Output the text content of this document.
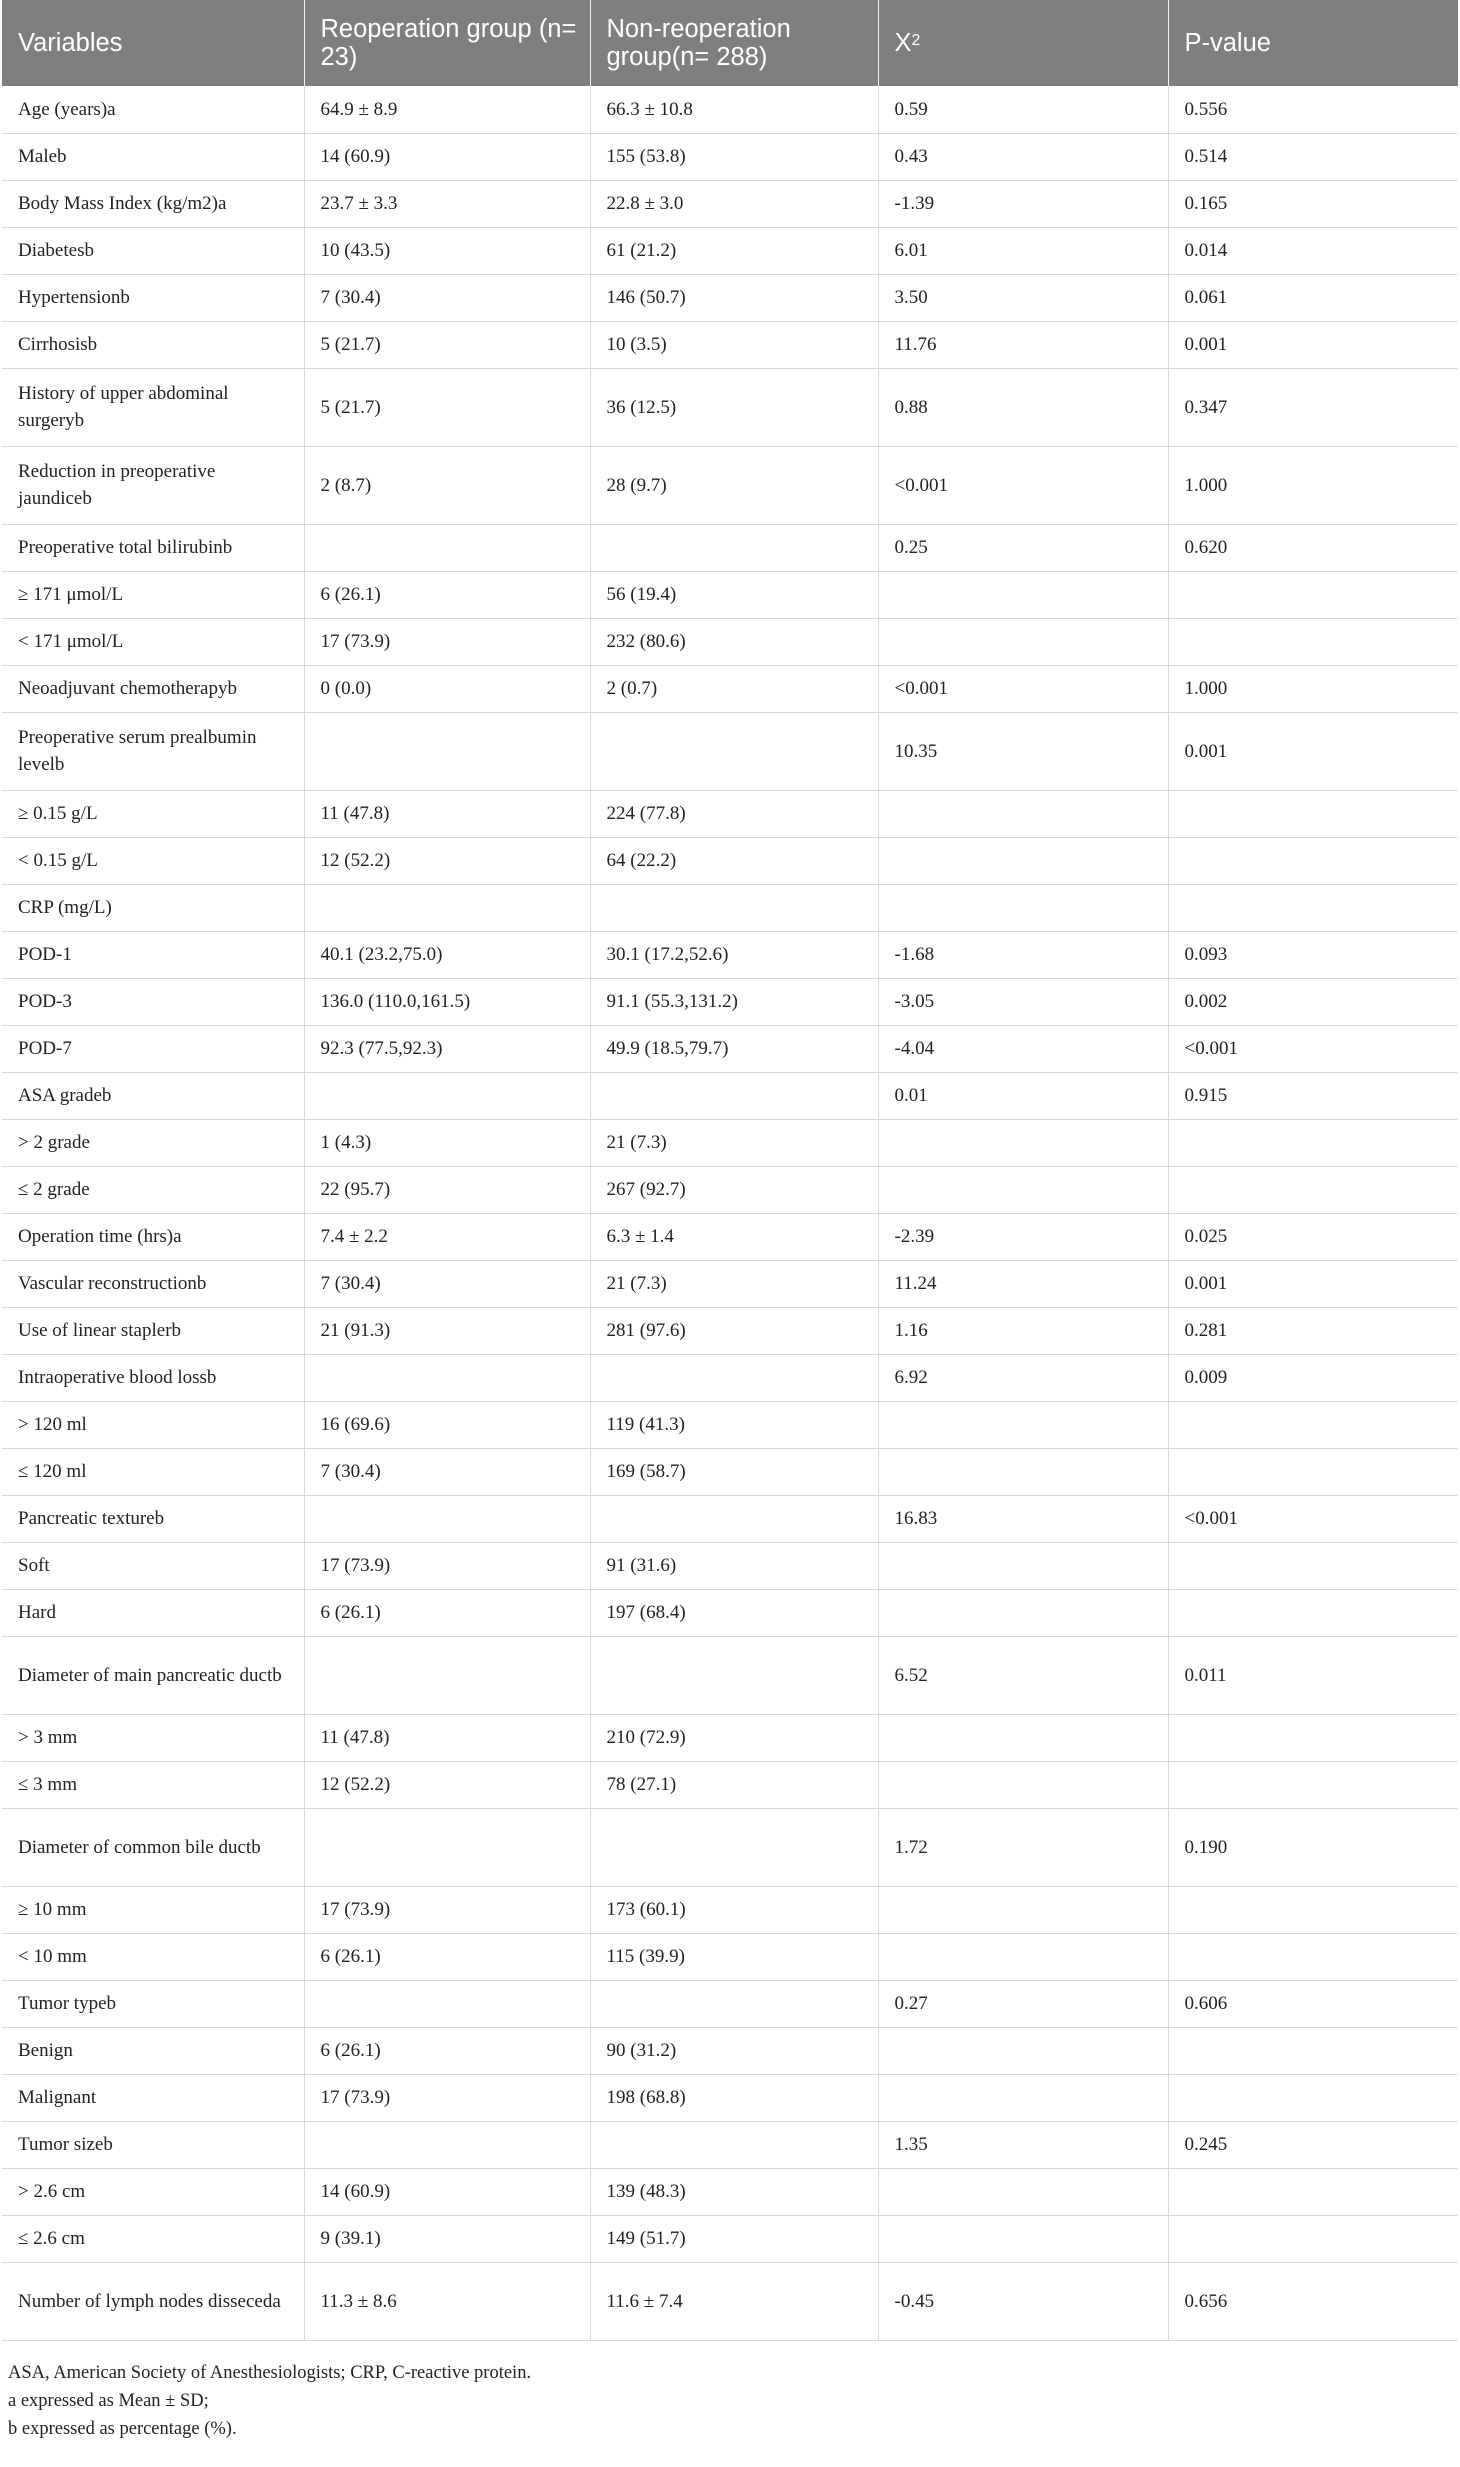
Variables	Reoperation group (n= 23)	Non-reoperation group(n= 288)	$X^2$	P-value
Age (years)a	64.9 ± 8.9	66.3 ± 10.8	0.59	0.556
Maleb	14 (60.9)	155 (53.8)	0.43	0.514
Body Mass Index (kg/m2)a	23.7 ± 3.3	22.8 ± 3.0	-1.39	0.165
Diabetesb	10 (43.5)	61 (21.2)	6.01	0.014
Hypertensionb	7 (30.4)	146 (50.7)	3.50	0.061
Cirrhosisb	5 (21.7)	10 (3.5)	11.76	0.001
History of upper abdominal surgeryb	5 (21.7)	36 (12.5)	0.88	0.347
Reduction in preoperative jaundiceb	2 (8.7)	28 (9.7)	<0.001	1.000
Preoperative total bilirubinb			0.25	0.620
≥ 171 μmol/L	6 (26.1)	56 (19.4)		
< 171 μmol/L	17 (73.9)	232 (80.6)		
Neoadjuvant chemotherapyb	0 (0.0)	2 (0.7)	<0.001	1.000
Preoperative serum prealbumin levelb			10.35	0.001
≥ 0.15 g/L	11 (47.8)	224 (77.8)		
< 0.15 g/L	12 (52.2)	64 (22.2)		
CRP (mg/L)				
POD-1	40.1 (23.2,75.0)	30.1 (17.2,52.6)	-1.68	0.093
POD-3	136.0 (110.0,161.5)	91.1 (55.3,131.2)	-3.05	0.002
POD-7	92.3 (77.5,92.3)	49.9 (18.5,79.7)	-4.04	<0.001
ASA gradeb			0.01	0.915
> 2 grade	1 (4.3)	21 (7.3)		
≤ 2 grade	22 (95.7)	267 (92.7)		
Operation time (hrs)a	7.4 ± 2.2	6.3 ± 1.4	-2.39	0.025
Vascular reconstructionb	7 (30.4)	21 (7.3)	11.24	0.001
Use of linear staplerb	21 (91.3)	281 (97.6)	1.16	0.281
Intraoperative blood lossb			6.92	0.009
> 120 ml	16 (69.6)	119 (41.3)		
≤ 120 ml	7 (30.4)	169 (58.7)		
Pancreatic textureb			16.83	<0.001
Soft	17 (73.9)	91 (31.6)		
Hard	6 (26.1)	197 (68.4)		
Diameter of main pancreatic ductb			6.52	0.011
> 3 mm	11 (47.8)	210 (72.9)		
≤ 3 mm	12 (52.2)	78 (27.1)		
Diameter of common bile ductb			1.72	0.190
≥ 10 mm	17 (73.9)	173 (60.1)		
< 10 mm	6 (26.1)	115 (39.9)		
Tumor typeb			0.27	0.606
Benign	6 (26.1)	90 (31.2)		
Malignant	17 (73.9)	198 (68.8)		
Tumor sizeb			1.35	0.245
> 2.6 cm	14 (60.9)	139 (48.3)		
≤ 2.6 cm	9 (39.1)	149 (51.7)		
Number of lymph nodes disseceda	11.3 ± 8.6	11.6 ± 7.4	-0.45	0.656
ASA, American Society of Anesthesiologists; CRP, C-reactive protein.
a expressed as Mean ± SD;
b expressed as percentage (%).
